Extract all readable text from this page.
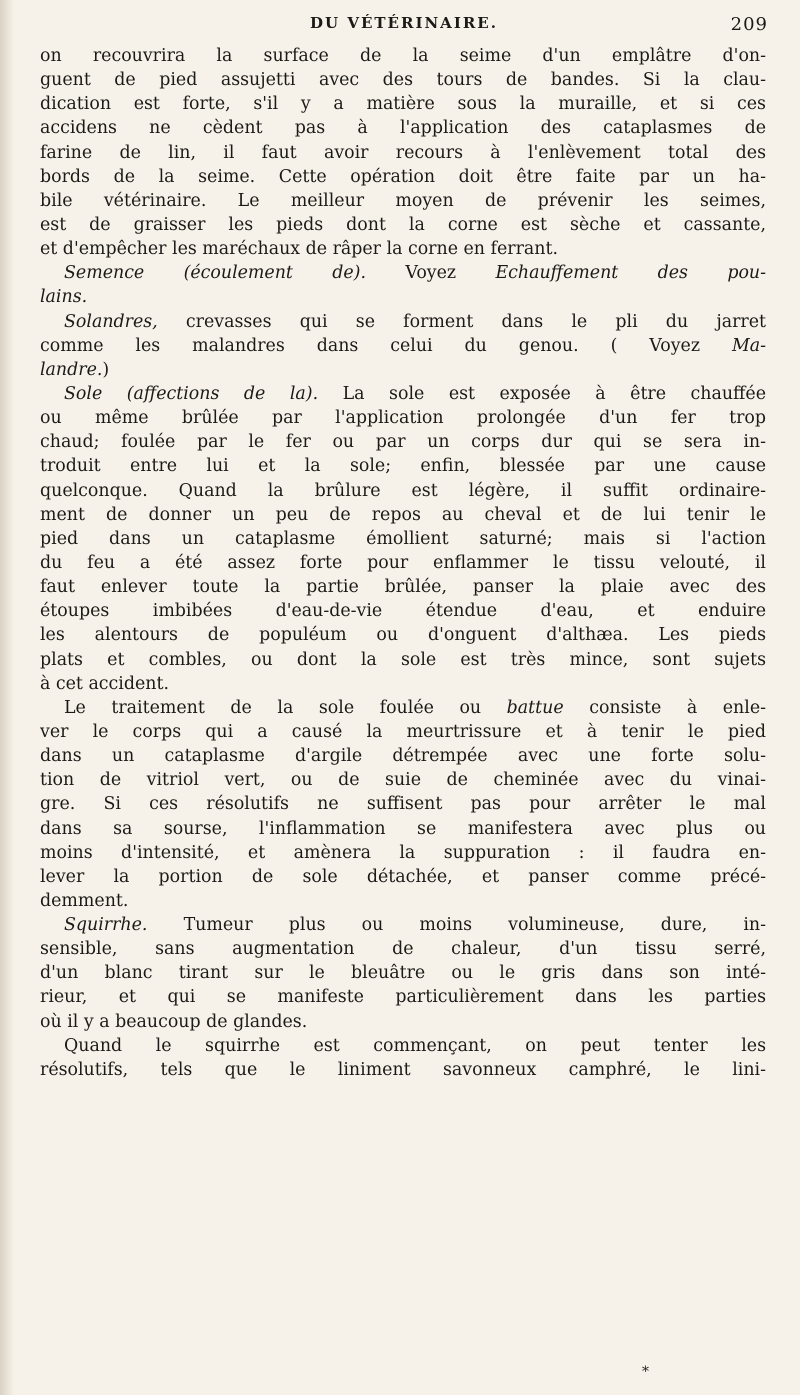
DU VÉTÉRINAIRE.	209
on recouvrira la surface de la seime d'un emplâtre d'on-
guent de pied assujetti avec des tours de bandes. Si la clau-
dication est forte, s'il y a matière sous la muraille, et si ces
accidens ne cèdent pas à l'application des cataplasmes de
farine de lin, il faut avoir recours à l'enlèvement total des
bords de la seime. Cette opération doit être faite par un ha-
bile vétérinaire. Le meilleur moyen de prévenir les seimes,
est de graisser les pieds dont la corne est sèche et cassante,
et d'empêcher les maréchaux de râper la corne en ferrant.
Semence (écoulement de). Voyez Echauffement des pou-
lains.
Solandres, crevasses qui se forment dans le pli du jarret
comme les malandres dans celui du genou. ( Voyez Ma-
landre.)
Sole (affections de la). La sole est exposée à être chauffée
ou même brûlée par l'application prolongée d'un fer trop
chaud; foulée par le fer ou par un corps dur qui se sera in-
troduit entre lui et la sole; enfin, blessée par une cause
quelconque. Quand la brûlure est légère, il suffit ordinaire-
ment de donner un peu de repos au cheval et de lui tenir le
pied dans un cataplasme émollient saturné; mais si l'action
du feu a été assez forte pour enflammer le tissu velouté, il
faut enlever toute la partie brûlée, panser la plaie avec des
étoupes imbibées d'eau-de-vie étendue d'eau, et enduire
les alentours de populéum ou d'onguent d'althæa. Les pieds
plats et combles, ou dont la sole est très mince, sont sujets
à cet accident.
Le traitement de la sole foulée ou battue consiste à enle-
ver le corps qui a causé la meurtrissure et à tenir le pied
dans un cataplasme d'argile détrempée avec une forte solu-
tion de vitriol vert, ou de suie de cheminée avec du vinai-
gre. Si ces résolutifs ne suffisent pas pour arrêter le mal
dans sa sourse, l'inflammation se manifestera avec plus ou
moins d'intensité, et amènera la suppuration : il faudra en-
lever la portion de sole détachée, et panser comme précé-
demment.
Squirrhe. Tumeur plus ou moins volumineuse, dure, in-
sensible, sans augmentation de chaleur, d'un tissu serré,
d'un blanc tirant sur le bleuâtre ou le gris dans son inté-
rieur, et qui se manifeste particulièrement dans les parties
où il y a beaucoup de glandes.
Quand le squirrhe est commençant, on peut tenter les
résolutifs, tels que le liniment savonneux camphré, le lini-
*
